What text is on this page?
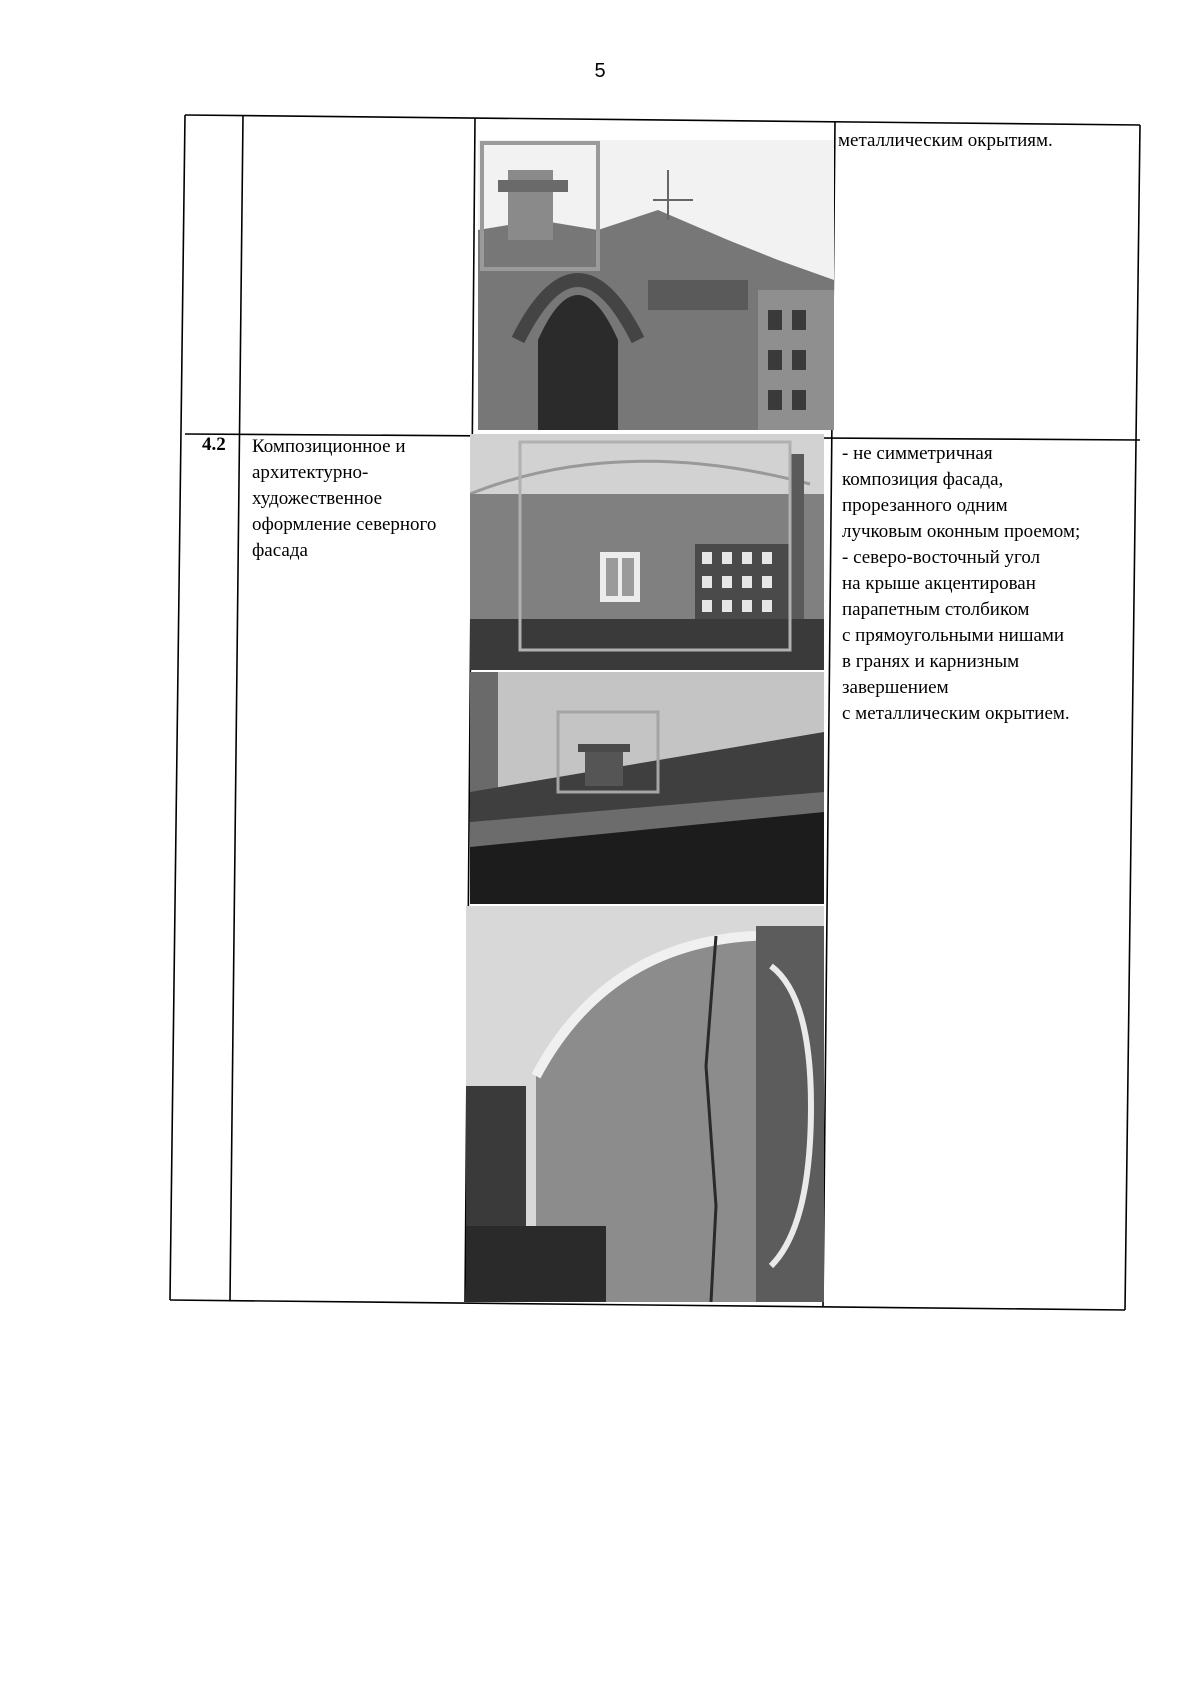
5
металлическим окрытиям.
4.2 Композиционное и
архитектурно-
художественное
оформление северного
фасада
- не симметричная
композиция фасада,
прорезанного одним
лучковым оконным проемом;
- северо-восточный угол
на крыше акцентирован
парапетным столбиком
с прямоугольными нишами
в гранях и карнизным
завершением
с металлическим окрытием.
